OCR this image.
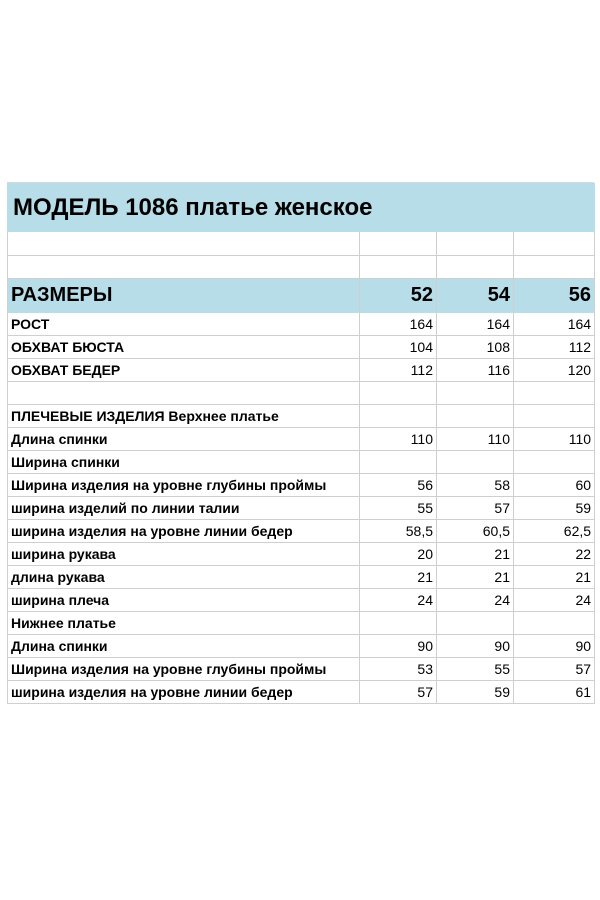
МОДЕЛЬ 1086 платье женское			

РАЗМЕРЫ	52	54	56
РОСТ	164	164	164
ОБХВАТ БЮСТА	104	108	112
ОБХВАТ БЕДЕР	112	116	120

ПЛЕЧЕВЫЕ ИЗДЕЛИЯ Верхнее платье			
Длина спинки	110	110	110
Ширина спинки			
Ширина изделия на уровне глубины проймы	56	58	60
ширина изделий по линии талии	55	57	59
ширина изделия на уровне линии бедер	58,5	60,5	62,5
ширина рукава	20	21	22
длина рукава	21	21	21
ширина плеча	24	24	24
Нижнее платье			
Длина спинки	90	90	90
Ширина изделия на уровне глубины проймы	53	55	57
ширина изделия на уровне линии бедер	57	59	61
